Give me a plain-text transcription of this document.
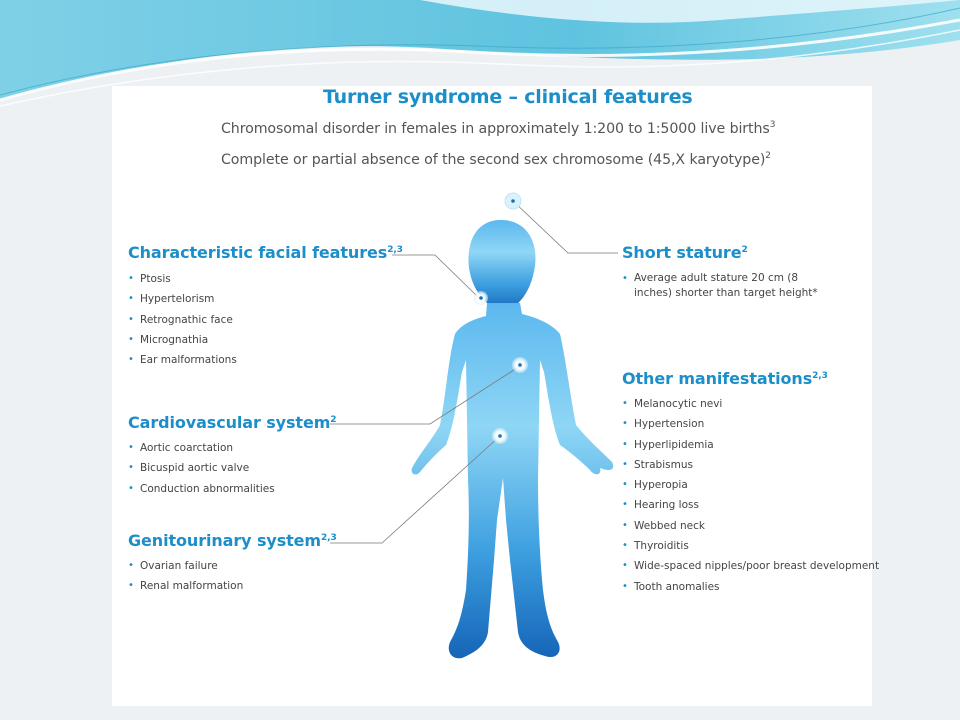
Turner syndrome – clinical features
Chromosomal disorder in females in approximately 1:200 to 1:5000 live births$^3$
Complete or partial absence of the second sex chromosome (45,X karyotype)$^2$
Characteristic facial features$^{2,3}$
• Ptosis
• Hypertelorism
• Retrognathic face
• Micrognathia
• Ear malformations
Cardiovascular system$^2$
• Aortic coarctation
• Bicuspid aortic valve
• Conduction abnormalities
Genitourinary system$^{2,3}$
• Ovarian failure
• Renal malformation
Short stature$^2$
• Average adult stature 20 cm (8 inches) shorter than target height*
Other manifestations$^{2,3}$
• Melanocytic nevi
• Hypertension
• Hyperlipidemia
• Strabismus
• Hyperopia
• Hearing loss
• Webbed neck
• Thyroiditis
• Wide-spaced nipples/poor breast development
• Tooth anomalies
